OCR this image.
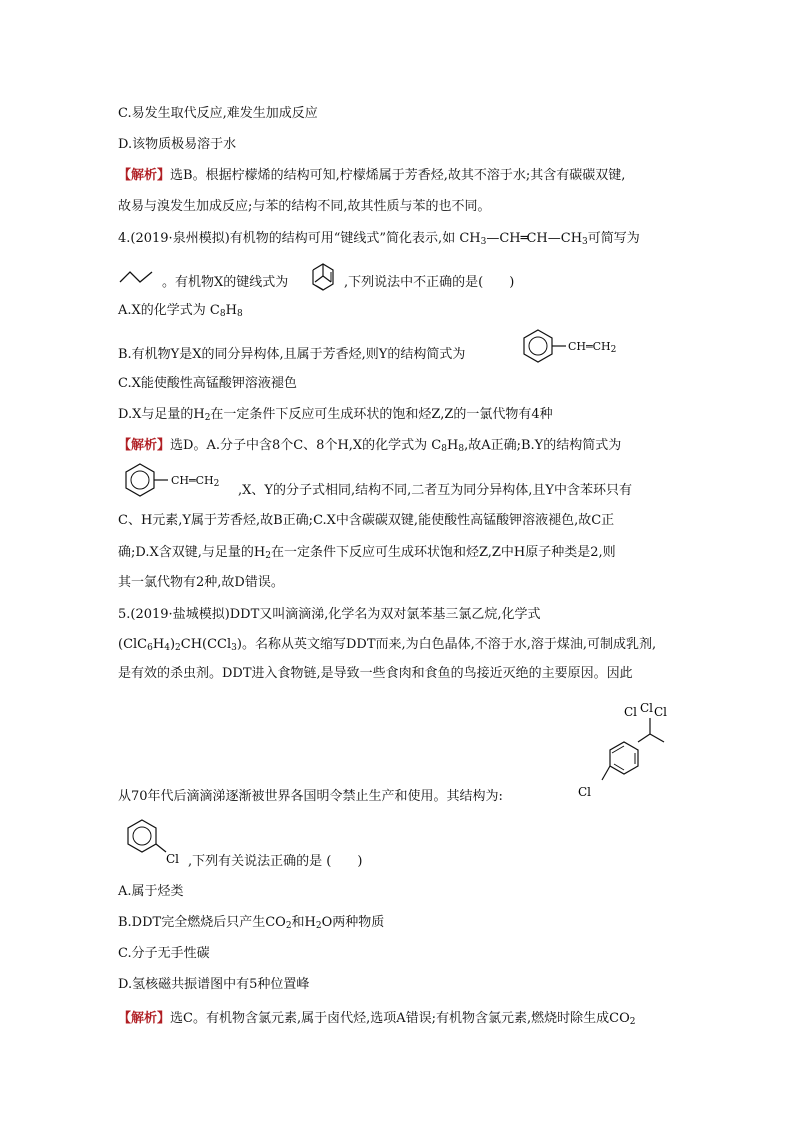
C.易发生取代反应,难发生加成反应
D.该物质极易溶于水
【解析】选B。根据柠檬烯的结构可知,柠檬烯属于芳香烃,故其不溶于水;其含有碳碳双键,
故易与溴发生加成反应;与苯的结构不同,故其性质与苯的也不同。
4.(2019·泉州模拟)有机物的结构可用“键线式”简化表示,如 $CH_3—CH═CH—CH_3$可简写为
。有机物X的键线式为	,下列说法中不正确的是(　　)
A.X的化学式为 $C_8H_8$
B.有机物Y是X的同分异构体,且属于芳香烃,则Y的结构简式为
$CH═CH_2$
C.X能使酸性高锰酸钾溶液褪色
D.X与足量的$H_2$在一定条件下反应可生成环状的饱和烃Z,Z的一氯代物有4种
【解析】选D。A.分子中含8个C、8个H,X的化学式为 $C_8H_8$,故A正确;B.Y的结构简式为
$CH═CH_2$ ,X、Y的分子式相同,结构不同,二者互为同分异构体,且Y中含苯环只有
C、H元素,Y属于芳香烃,故B正确;C.X中含碳碳双键,能使酸性高锰酸钾溶液褪色,故C正
确;D.X含双键,与足量的$H_2$在一定条件下反应可生成环状饱和烃Z,Z中H原子种类是2,则
其一氯代物有2种,故D错误。
5.(2019·盐城模拟)DDT又叫滴滴涕,化学名为双对氯苯基三氯乙烷,化学式
$(ClC_6H_4)_2CH(CCl_3)$。名称从英文缩写DDT而来,为白色晶体,不溶于水,溶于煤油,可制成乳剂,
是有效的杀虫剂。DDT进入食物链,是导致一些食肉和食鱼的鸟接近灭绝的主要原因。因此
Cl Cl Cl
Cl
从70年代后滴滴涕逐渐被世界各国明令禁止生产和使用。其结构为:
Cl ,下列有关说法正确的是 (　　)
A.属于烃类
B.DDT完全燃烧后只产生$CO_2$和$H_2O$两种物质
C.分子无手性碳
D.氢核磁共振谱图中有5种位置峰
【解析】选C。有机物含氯元素,属于卤代烃,选项A错误;有机物含氯元素,燃烧时除生成$CO_2$
